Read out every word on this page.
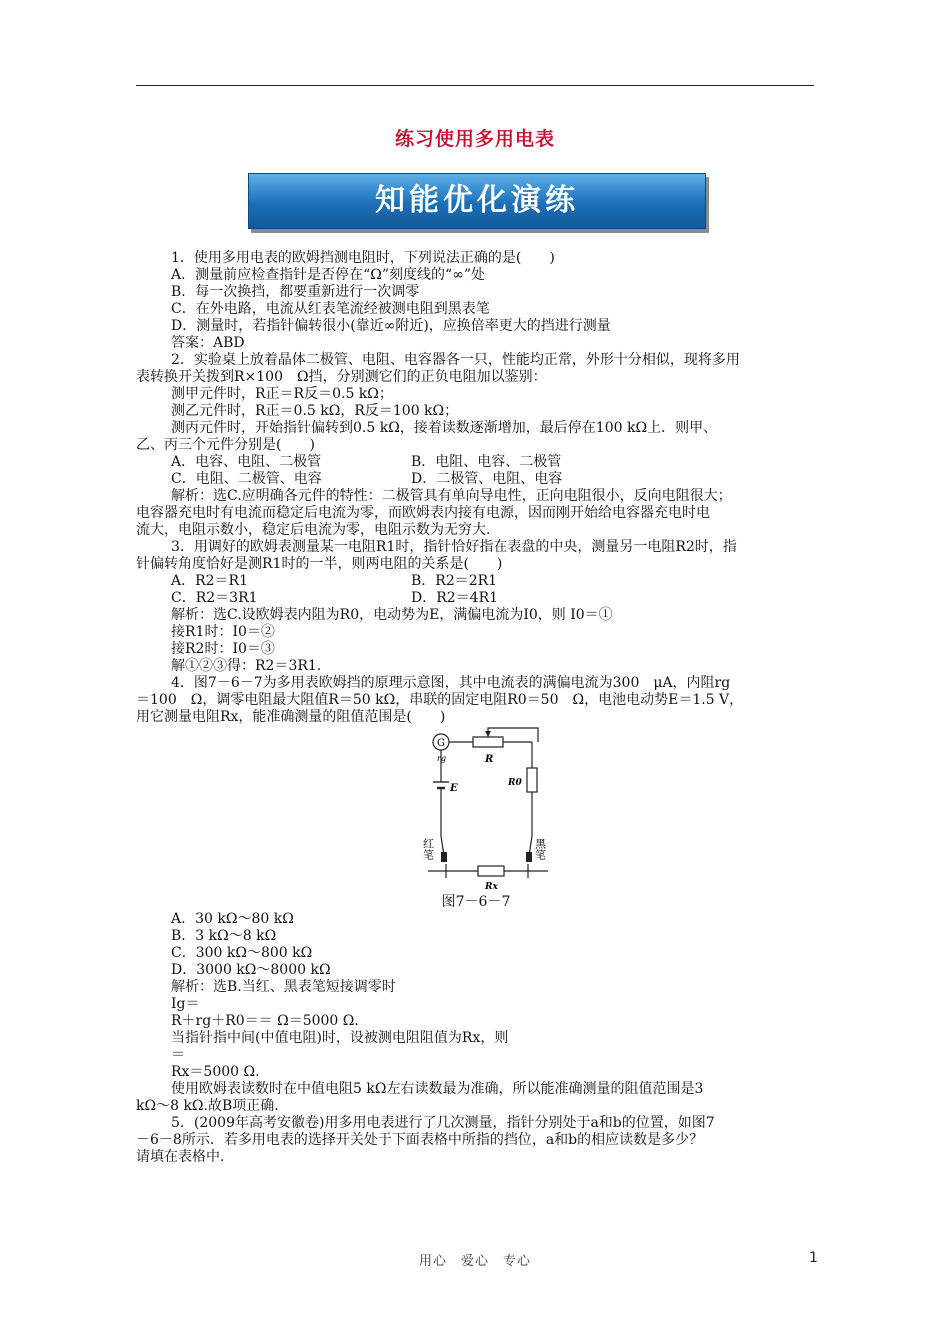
练习使用多用电表
知能优化演练
1．使用多用电表的欧姆挡测电阻时，下列说法正确的是(　　)
A．测量前应检查指针是否停在“Ω”刻度线的“∞”处
B．每一次换挡，都要重新进行一次调零
C．在外电路，电流从红表笔流经被测电阻到黑表笔
D．测量时，若指针偏转很小(靠近∞附近)，应换倍率更大的挡进行测量
答案：ABD
2．实验桌上放着晶体二极管、电阻、电容器各一只，性能均正常，外形十分相似，现将多用
表转换开关拨到R×100　Ω挡，分别测它们的正负电阻加以鉴别：
测甲元件时，R正＝R反＝0.5 kΩ；
测乙元件时，R正＝0.5 kΩ，R反＝100 kΩ；
测丙元件时，开始指针偏转到0.5 kΩ，接着读数逐渐增加，最后停在100 kΩ上．则甲、
乙、丙三个元件分别是(　　)
A．电容、电阻、二极管	B．电阻、电容、二极管
C．电阻、二极管、电容	D．二极管、电阻、电容
解析：选C.应明确各元件的特性：二极管具有单向导电性，正向电阻很小，反向电阻很大；
电容器充电时有电流而稳定后电流为零，而欧姆表内接有电源，因而刚开始给电容器充电时电
流大，电阻示数小，稳定后电流为零，电阻示数为无穷大.
3．用调好的欧姆表测量某一电阻R1时，指针恰好指在表盘的中央，测量另一电阻R2时，指
针偏转角度恰好是测R1时的一半，则两电阻的关系是(　　)
A．R2＝R1	B．R2＝2R1
C．R2＝3R1	D．R2＝4R1
解析：选C.设欧姆表内阻为R0，电动势为E，满偏电流为I0，则 I0＝①
接R1时：I0＝②
接R2时：I0＝③
解①②③得：R2＝3R1.
4．图7－6－7为多用表欧姆挡的原理示意图，其中电流表的满偏电流为300　μA，内阻rg
＝100　Ω，调零电阻最大阻值R＝50 kΩ，串联的固定电阻R0＝50　Ω，电池电动势E＝1.5 V，
用它测量电阻Rx，能准确测量的阻值范围是(　　)
G
rg	R
R0
E
红笔	黑笔
Rx
图7－6－7
A．30 kΩ～80 kΩ
B．3 kΩ～8 kΩ
C．300 kΩ～800 kΩ
D．3000 kΩ～8000 kΩ
解析：选B.当红、黑表笔短接调零时
Ig＝
R＋rg＋R0＝＝ Ω＝5000 Ω.
当指针指中间(中值电阻)时，设被测电阻阻值为Rx，则
＝
Rx＝5000 Ω.
使用欧姆表读数时在中值电阻5 kΩ左右读数最为准确，所以能准确测量的阻值范围是3
kΩ～8 kΩ.故B项正确.
5．(2009年高考安徽卷)用多用电表进行了几次测量，指针分别处于a和b的位置，如图7
－6－8所示．若多用电表的选择开关处于下面表格中所指的挡位，a和b的相应读数是多少？
请填在表格中.
用心　爱心　专心	1
